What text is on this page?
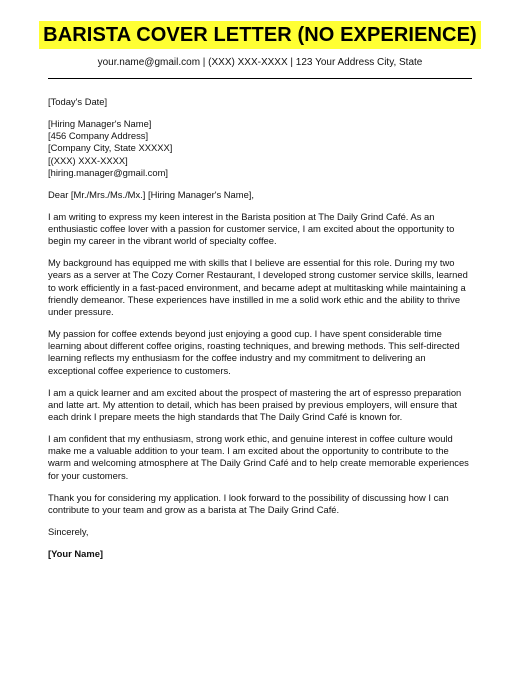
BARISTA COVER LETTER (NO EXPERIENCE)
your.name@gmail.com | (XXX) XXX-XXXX | 123 Your Address City, State

[Today's Date]

[Hiring Manager's Name]
[456 Company Address]
[Company City, State XXXXX]
[(XXX) XXX-XXXX]
[hiring.manager@gmail.com]

Dear [Mr./Mrs./Ms./Mx.] [Hiring Manager's Name],

I am writing to express my keen interest in the Barista position at The Daily Grind Café. As an enthusiastic coffee lover with a passion for customer service, I am excited about the opportunity to begin my career in the vibrant world of specialty coffee.

My background has equipped me with skills that I believe are essential for this role. During my two years as a server at The Cozy Corner Restaurant, I developed strong customer service skills, learned to work efficiently in a fast-paced environment, and became adept at multitasking while maintaining a friendly demeanor. These experiences have instilled in me a solid work ethic and the ability to thrive under pressure.

My passion for coffee extends beyond just enjoying a good cup. I have spent considerable time learning about different coffee origins, roasting techniques, and brewing methods. This self-directed learning reflects my enthusiasm for the coffee industry and my commitment to delivering an exceptional coffee experience to customers.

I am a quick learner and am excited about the prospect of mastering the art of espresso preparation and latte art. My attention to detail, which has been praised by previous employers, will ensure that each drink I prepare meets the high standards that The Daily Grind Café is known for.

I am confident that my enthusiasm, strong work ethic, and genuine interest in coffee culture would make me a valuable addition to your team. I am excited about the opportunity to contribute to the warm and welcoming atmosphere at The Daily Grind Café and to help create memorable experiences for your customers.

Thank you for considering my application. I look forward to the possibility of discussing how I can contribute to your team and grow as a barista at The Daily Grind Café.

Sincerely,

[Your Name]
